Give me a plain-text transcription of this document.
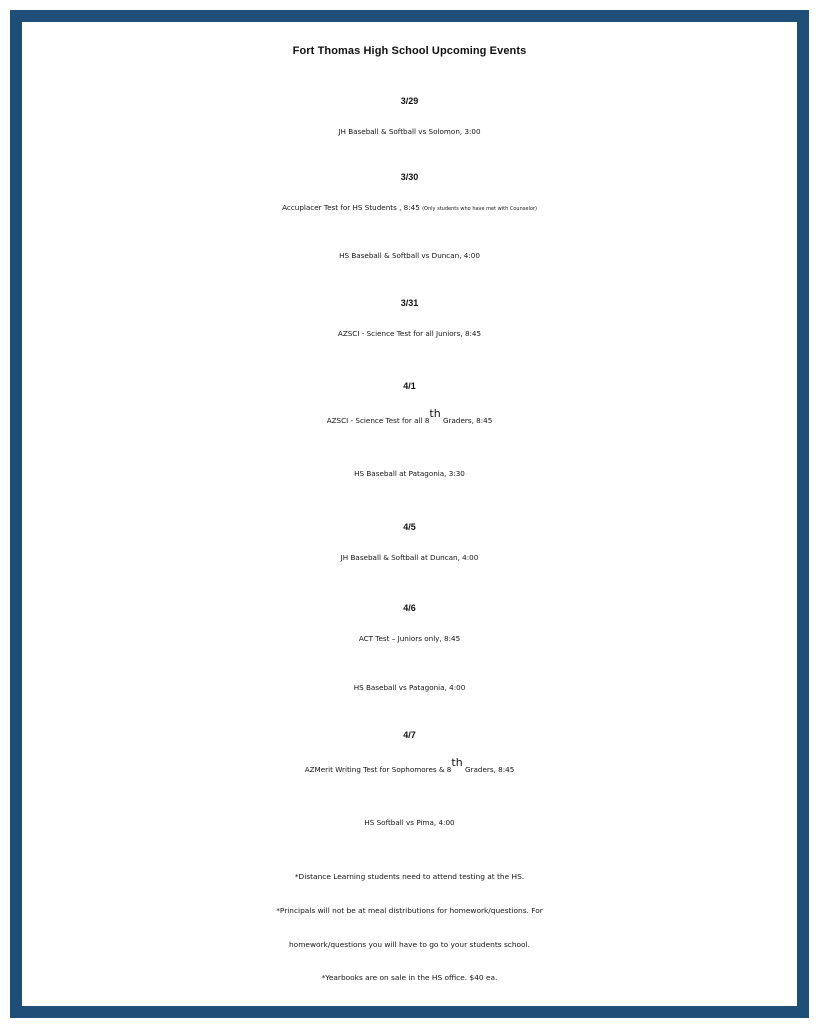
Fort Thomas High School Upcoming Events
3/29
JH Baseball & Softball vs Solomon, 3:00
3/30
Accuplacer Test for HS Students , 8:45 (Only students who have met with Counselor)
HS Baseball & Softball vs Duncan, 4:00
3/31
AZSCI - Science Test for all Juniors, 8:45
4/1
AZSCI - Science Test for all 8th Graders, 8:45
HS Baseball at Patagonia, 3:30
4/5
JH Baseball & Softball at Duncan, 4:00
4/6
ACT Test – Juniors only, 8:45
HS Baseball vs Patagonia, 4:00
4/7
AZMerit Writing Test for Sophomores & 8th Graders, 8:45
HS Softball vs Pima, 4:00
*Distance Learning students need to attend testing at the HS.
*Principals will not be at meal distributions for homework/questions. For
homework/questions you will have to go to your students school.
*Yearbooks are on sale in the HS office. $40 ea.
